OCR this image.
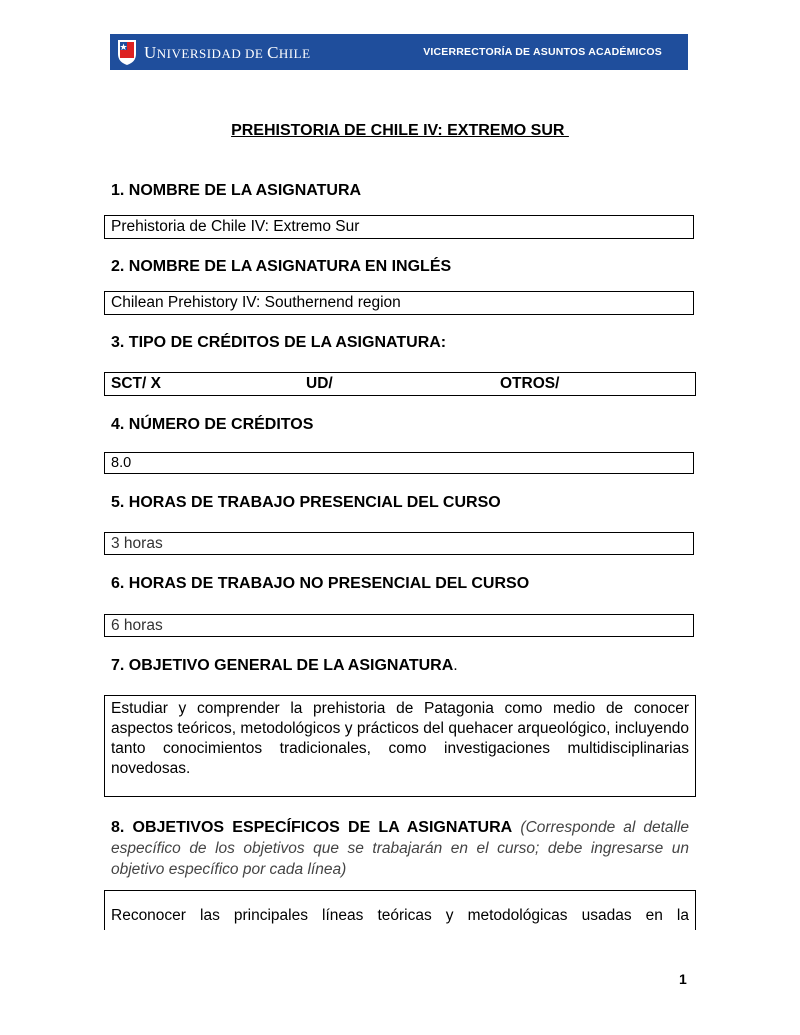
UNIVERSIDAD DE CHILE	VICERRECTORÍA DE ASUNTOS ACADÉMICOS
PREHISTORIA DE CHILE IV: EXTREMO SUR
1. NOMBRE DE LA ASIGNATURA
Prehistoria de Chile IV: Extremo Sur
2. NOMBRE DE LA ASIGNATURA EN INGLÉS
Chilean Prehistory IV: Southernend region
3. TIPO DE CRÉDITOS DE LA ASIGNATURA:
SCT/ X	UD/	OTROS/
4. NÚMERO DE CRÉDITOS
8.0
5. HORAS DE TRABAJO PRESENCIAL DEL CURSO
3 horas
6. HORAS DE TRABAJO NO PRESENCIAL DEL CURSO
6 horas
7. OBJETIVO GENERAL DE LA ASIGNATURA.
Estudiar y comprender la prehistoria de Patagonia como medio de conocer aspectos teóricos, metodológicos y prácticos del quehacer arqueológico, incluyendo tanto conocimientos tradicionales, como investigaciones multidisciplinarias novedosas.
8. OBJETIVOS ESPECÍFICOS DE LA ASIGNATURA (Corresponde al detalle específico de los objetivos que se trabajarán en el curso; debe ingresarse un objetivo específico por cada línea)
Reconocer las principales líneas teóricas y metodológicas usadas en la
1
